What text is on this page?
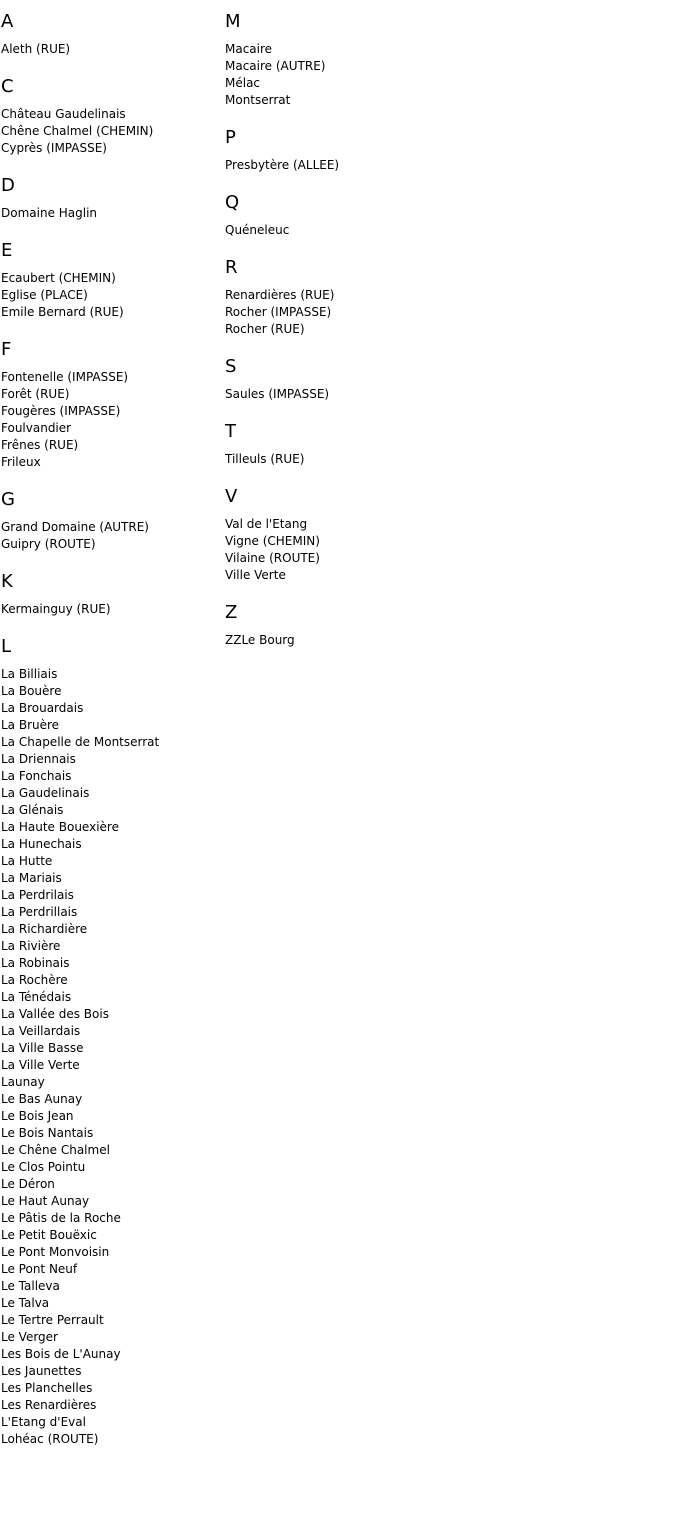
A
Aleth (RUE)
C
Château Gaudelinais
Chêne Chalmel (CHEMIN)
Cyprès (IMPASSE)
D
Domaine Haglin
E
Ecaubert (CHEMIN)
Eglise (PLACE)
Emile Bernard (RUE)
F
Fontenelle (IMPASSE)
Forêt (RUE)
Fougères (IMPASSE)
Foulvandier
Frênes (RUE)
Frileux
G
Grand Domaine (AUTRE)
Guipry (ROUTE)
K
Kermainguy (RUE)
L
La Billiais
La Bouère
La Brouardais
La Bruère
La Chapelle de Montserrat
La Driennais
La Fonchais
La Gaudelinais
La Glénais
La Haute Bouexière
La Hunechais
La Hutte
La Mariais
La Perdrilais
La Perdrillais
La Richardière
La Rivière
La Robinais
La Rochère
La Ténédais
La Vallée des Bois
La Veillardais
La Ville Basse
La Ville Verte
Launay
Le Bas Aunay
Le Bois Jean
Le Bois Nantais
Le Chêne Chalmel
Le Clos Pointu
Le Déron
Le Haut Aunay
Le Pâtis de la Roche
Le Petit Bouëxic
Le Pont Monvoisin
Le Pont Neuf
Le Talleva
Le Talva
Le Tertre Perrault
Le Verger
Les Bois de L'Aunay
Les Jaunettes
Les Planchelles
Les Renardières
L'Etang d'Eval
Lohéac (ROUTE)
M
Macaire
Macaire (AUTRE)
Mélac
Montserrat
P
Presbytère (ALLEE)
Q
Quéneleuc
R
Renardières (RUE)
Rocher (IMPASSE)
Rocher (RUE)
S
Saules (IMPASSE)
T
Tilleuls (RUE)
V
Val de l'Etang
Vigne (CHEMIN)
Vilaine (ROUTE)
Ville Verte
Z
ZZLe Bourg
